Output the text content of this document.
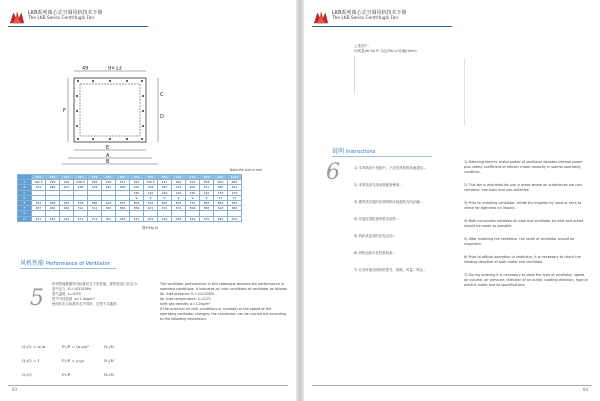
LKB系列离心式空调风机技术手册
The LKB Series Centrifugal Fan
49	9×13
C
D
F
E
A
B
Note:the size in mm
	200	225	250	280	315	355	400	450	500	560	630	710	800	900	1000
A	181.5	199	226	258.5	259	292	337	360	376.5	431	469	515	558	600	659
B	161	180	207	238	238	261	306	320	348	393	434	469	517	560	612
C								140	140	140	140	140	140	170	170
D								9	9	9	9	9	9	11	11
E	262	288	326	378	386	424	475	506	556	605	676	751	805	881	959
F	257	284	284	311	311	345	366	384	401	431	474	506	565	628	689
G															
H	217	244	244	271	271	301	326	337	381	416	456	519	570	620	670
图5(Fig.5)
风机性能 Performance of Ventilator
5
所列性能数据均为标准状态下的性能，即风机进口状态为：
进气压力 Pₐ=101325Pa
进气温度 tₐ=20℃
进气气体密度 ρ=1.2kg/m³
使用状态与标准状态不同时，应按下式换算：
The ventilator performance in this catalogue denotes the performance in standard conditions. It indicates air inlet conditions of ventilator as follows:
Air inlet pressure: Pₐ=101325Pa
Air inlet temperature: tₐ=20℃
Inlet gas density: ρ=1.2kg/m³
If the practical air inlet conditions or n(rotate) or the speed of the operating ventilator changes, the conversion can be carried out according to the following expression:
Q₁/Q = n₁/n	P₁/P = (n₁/n)²	N₁/N
Q₁/Q = 1	P₁/P = ρ₁/ρ	N₁/N
Q₁/Q	P₁/P	N₁/N
03
LKB系列离心式空调风机技术手册
The LKB Series Centrifugal Fan
上述式中：
Q:风量(m³/h) Pₜ:全压(Pa) n:转速(r/min)
说明 Instructions
6	1) 本风机用于机组中，不应在风机的转速超过...
2) 本风机须与电动机配套使用...
3) 通风机安装时应使风机叶轮旋转方向正确...
4) 安装时须检查风机各部件...
5) 风机试运转时应先点动...
6) 风机运转中应经常检查...
7) 订货时请注明风机型号、规格、风量、风压...
1) Matching electric motor power of ventilator denotes internal power plus safety coefficient of electric motor capacity in special operating condition.
2) This fan is restricted for use in areas where air substances are non-corrosive, non-toxic and non-adhesive.
3) Prior to installing ventilator, whilst the impeller by hand or stick to check for tightness on impact.
4) Both connection between air pipe and ventilator air inlet and outlet should be made as possible.
5) After installing the ventilator, the scroll of ventilator should be inspected.
6) Prior to official operation of ventilator, it is necessary to check the rotating direction of both motor and ventilator.
7) During ordering it is necessary to state the type of ventilator, speed, air volume, air pressure, direction of air outlet, rotating direction, type of electric motor and its specifications.
04
